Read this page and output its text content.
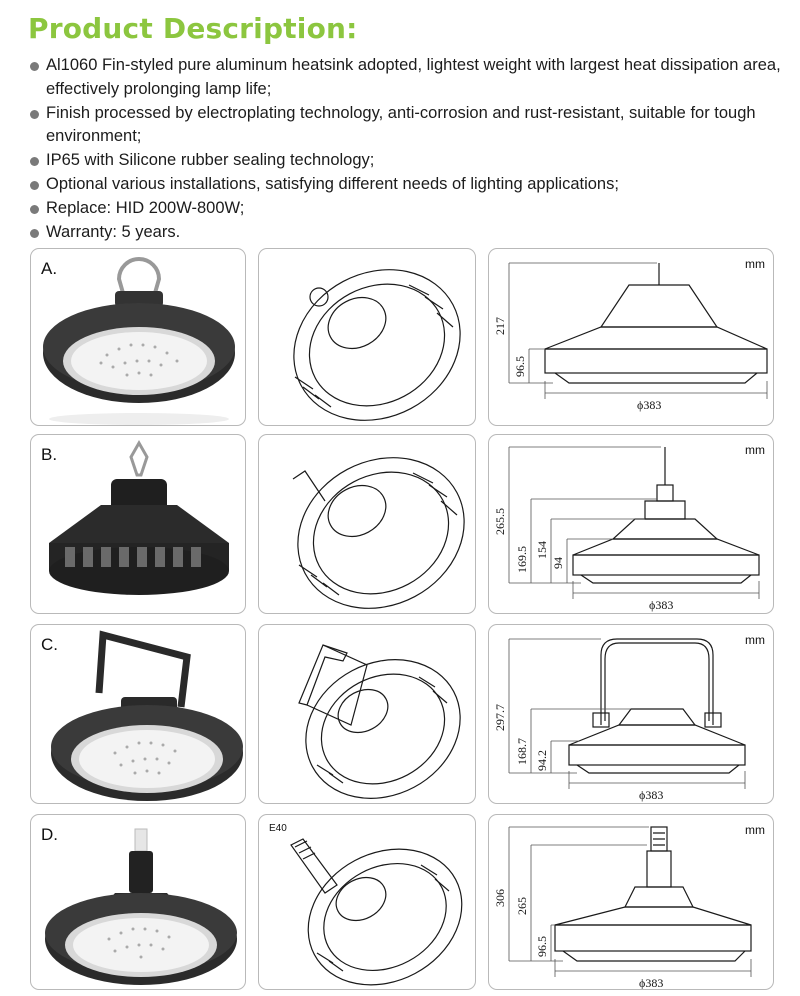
Product Description:
Al1060 Fin-styled pure aluminum heatsink adopted, lightest weight with largest heat dissipation area, effectively prolonging lamp life;
Finish processed by electroplating technology, anti-corrosion and rust-resistant, suitable for tough environment;
IP65 with Silicone rubber sealing technology;
Optional various installations, satisfying different needs of lighting applications;
Replace: HID 200W-800W;
Warranty: 5 years.
A.
217
96.5
ϕ383
mm
B.
265.5
169.5 154
94
ϕ383
mm
C.
297.7
168.7 94.2
ϕ383
mm
D.	E40
306 265
96.5
ϕ383
mm
